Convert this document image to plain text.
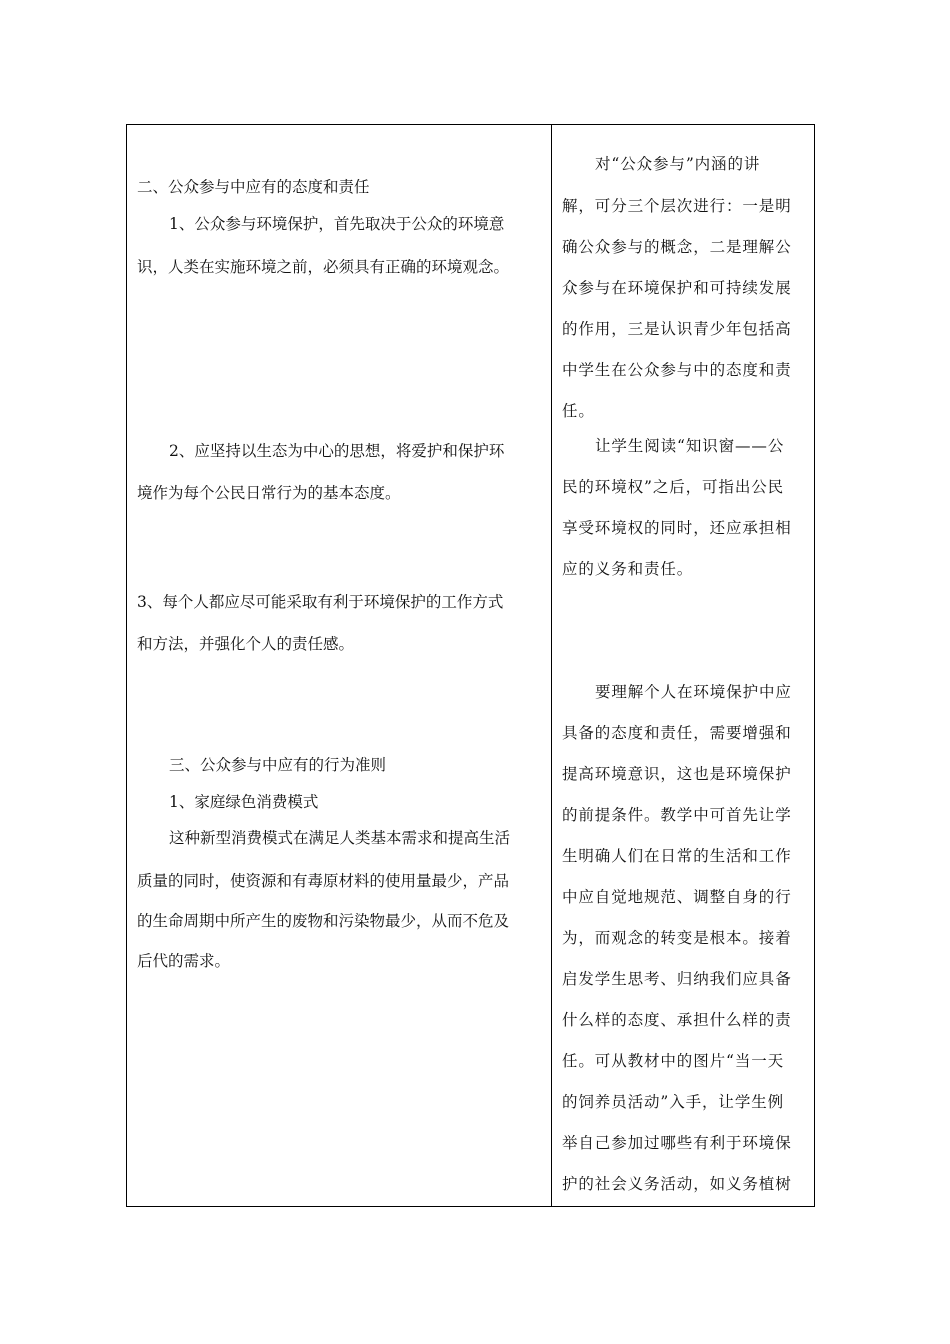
二、公众参与中应有的态度和责任
1、公众参与环境保护，首先取决于公众的环境意
识，人类在实施环境之前，必须具有正确的环境观念。
2、应坚持以生态为中心的思想，将爱护和保护环
境作为每个公民日常行为的基本态度。
3、每个人都应尽可能采取有利于环境保护的工作方式
和方法，并强化个人的责任感。
三、公众参与中应有的行为准则
1、家庭绿色消费模式
这种新型消费模式在满足人类基本需求和提高生活
质量的同时，使资源和有毒原材料的使用量最少，产品
的生命周期中所产生的废物和污染物最少，从而不危及
后代的需求。
对“公众参与”内涵的讲
解，可分三个层次进行：一是明
确公众参与的概念，二是理解公
众参与在环境保护和可持续发展
的作用，三是认识青少年包括高
中学生在公众参与中的态度和责
任。
让学生阅读“知识窗——公
民的环境权”之后，可指出公民
享受环境权的同时，还应承担相
应的义务和责任。
要理解个人在环境保护中应
具备的态度和责任，需要增强和
提高环境意识，这也是环境保护
的前提条件。教学中可首先让学
生明确人们在日常的生活和工作
中应自觉地规范、调整自身的行
为，而观念的转变是根本。接着
启发学生思考、归纳我们应具备
什么样的态度、承担什么样的责
任。可从教材中的图片“当一天
的饲养员活动”入手，让学生例
举自己参加过哪些有利于环境保
护的社会义务活动，如义务植树
